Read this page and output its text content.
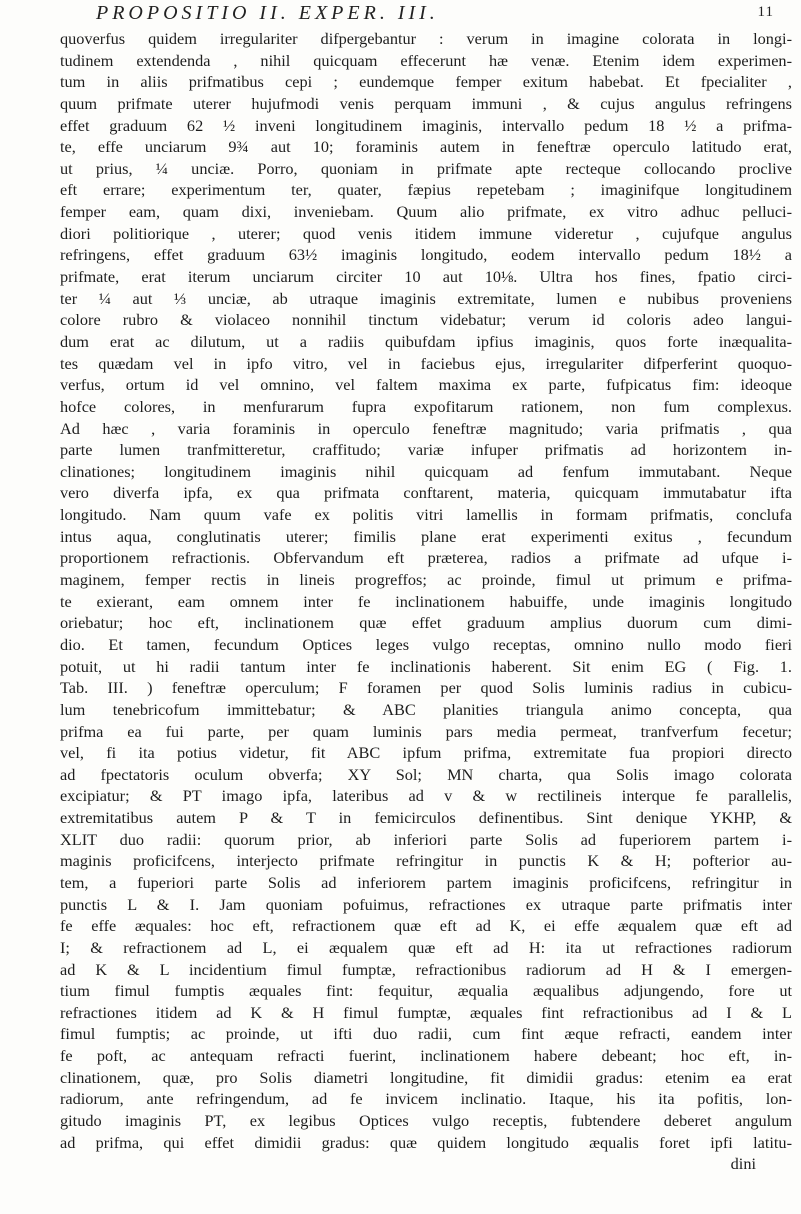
PROPOSITIO II. EXPER. III.	11
quoverfus quidem irregulariter difpergebantur : verum in imagine colorata in longi-
tudinem extendenda , nihil quicquam effecerunt hæ venæ. Etenim idem experimen-
tum in aliis prifmatibus cepi ; eundemque femper exitum habebat. Et fpecialiter ,
quum prifmate uterer hujufmodi venis perquam immuni , & cujus angulus refringens
effet graduum 62 ½ inveni longitudinem imaginis, intervallo pedum 18 ½ a prifma-
te, effe unciarum 9¾ aut 10; foraminis autem in feneftræ operculo latitudo erat,
ut prius, ¼ unciæ. Porro, quoniam in prifmate apte recteque collocando proclive
eft errare; experimentum ter, quater, fæpius repetebam ; imaginifque longitudinem
femper eam, quam dixi, inveniebam. Quum alio prifmate, ex vitro adhuc pelluci-
diori politiorique , uterer; quod venis itidem immune videretur , cujufque angulus
refringens, effet graduum 63½ imaginis longitudo, eodem intervallo pedum 18½ a
prifmate, erat iterum unciarum circiter 10 aut 10⅛. Ultra hos fines, fpatio circi-
ter ¼ aut ⅓ unciæ, ab utraque imaginis extremitate, lumen e nubibus proveniens
colore rubro & violaceo nonnihil tinctum videbatur; verum id coloris adeo langui-
dum erat ac dilutum, ut a radiis quibufdam ipfius imaginis, quos forte inæqualita-
tes quædam vel in ipfo vitro, vel in faciebus ejus, irregulariter difperferint quoquo-
verfus, ortum id vel omnino, vel faltem maxima ex parte, fufpicatus fim: ideoque
hofce colores, in menfurarum fupra expofitarum rationem, non fum complexus.
Ad hæc , varia foraminis in operculo feneftræ magnitudo; varia prifmatis , qua
parte lumen tranfmitteretur, craffitudo; variæ infuper prifmatis ad horizontem in-
clinationes; longitudinem imaginis nihil quicquam ad fenfum immutabant. Neque
vero diverfa ipfa, ex qua prifmata conftarent, materia, quicquam immutabatur ifta
longitudo. Nam quum vafe ex politis vitri lamellis in formam prifmatis, conclufa
intus aqua, conglutinatis uterer; fimilis plane erat experimenti exitus , fecundum
proportionem refractionis. Obfervandum eft præterea, radios a prifmate ad ufque i-
maginem, femper rectis in lineis progreffos; ac proinde, fimul ut primum e prifma-
te exierant, eam omnem inter fe inclinationem habuiffe, unde imaginis longitudo
oriebatur; hoc eft, inclinationem quæ effet graduum amplius duorum cum dimi-
dio. Et tamen, fecundum Optices leges vulgo receptas, omnino nullo modo fieri
potuit, ut hi radii tantum inter fe inclinationis haberent. Sit enim EG ( Fig. 1.
Tab. III. ) feneftræ operculum; F foramen per quod Solis luminis radius in cubicu-
lum tenebricofum immittebatur; & ABC planities triangula animo concepta, qua
prifma ea fui parte, per quam luminis pars media permeat, tranfverfum fecetur;
vel, fi ita potius videtur, fit ABC ipfum prifma, extremitate fua propiori directo
ad fpectatoris oculum obverfa; XY Sol; MN charta, qua Solis imago colorata
excipiatur; & PT imago ipfa, lateribus ad v & w rectilineis interque fe parallelis,
extremitatibus autem P & T in femicirculos definentibus. Sint denique YKHP, &
XLIT duo radii: quorum prior, ab inferiori parte Solis ad fuperiorem partem i-
maginis proficifcens, interjecto prifmate refringitur in punctis K & H; pofterior au-
tem, a fuperiori parte Solis ad inferiorem partem imaginis proficifcens, refringitur in
punctis L & I. Jam quoniam pofuimus, refractiones ex utraque parte prifmatis inter
fe effe æquales: hoc eft, refractionem quæ eft ad K, ei effe æqualem quæ eft ad
I; & refractionem ad L, ei æqualem quæ eft ad H: ita ut refractiones radiorum
ad K & L incidentium fimul fumptæ, refractionibus radiorum ad H & I emergen-
tium fimul fumptis æquales fint: fequitur, æqualia æqualibus adjungendo, fore ut
refractiones itidem ad K & H fimul fumptæ, æquales fint refractionibus ad I & L
fimul fumptis; ac proinde, ut ifti duo radii, cum fint æque refracti, eandem inter
fe poft, ac antequam refracti fuerint, inclinationem habere debeant; hoc eft, in-
clinationem, quæ, pro Solis diametri longitudine, fit dimidii gradus: etenim ea erat
radiorum, ante refringendum, ad fe invicem inclinatio. Itaque, his ita pofitis, lon-
gitudo imaginis PT, ex legibus Optices vulgo receptis, fubtendere deberet angulum
ad prifma, qui effet dimidii gradus: quæ quidem longitudo æqualis foret ipfi latitu-
dini
